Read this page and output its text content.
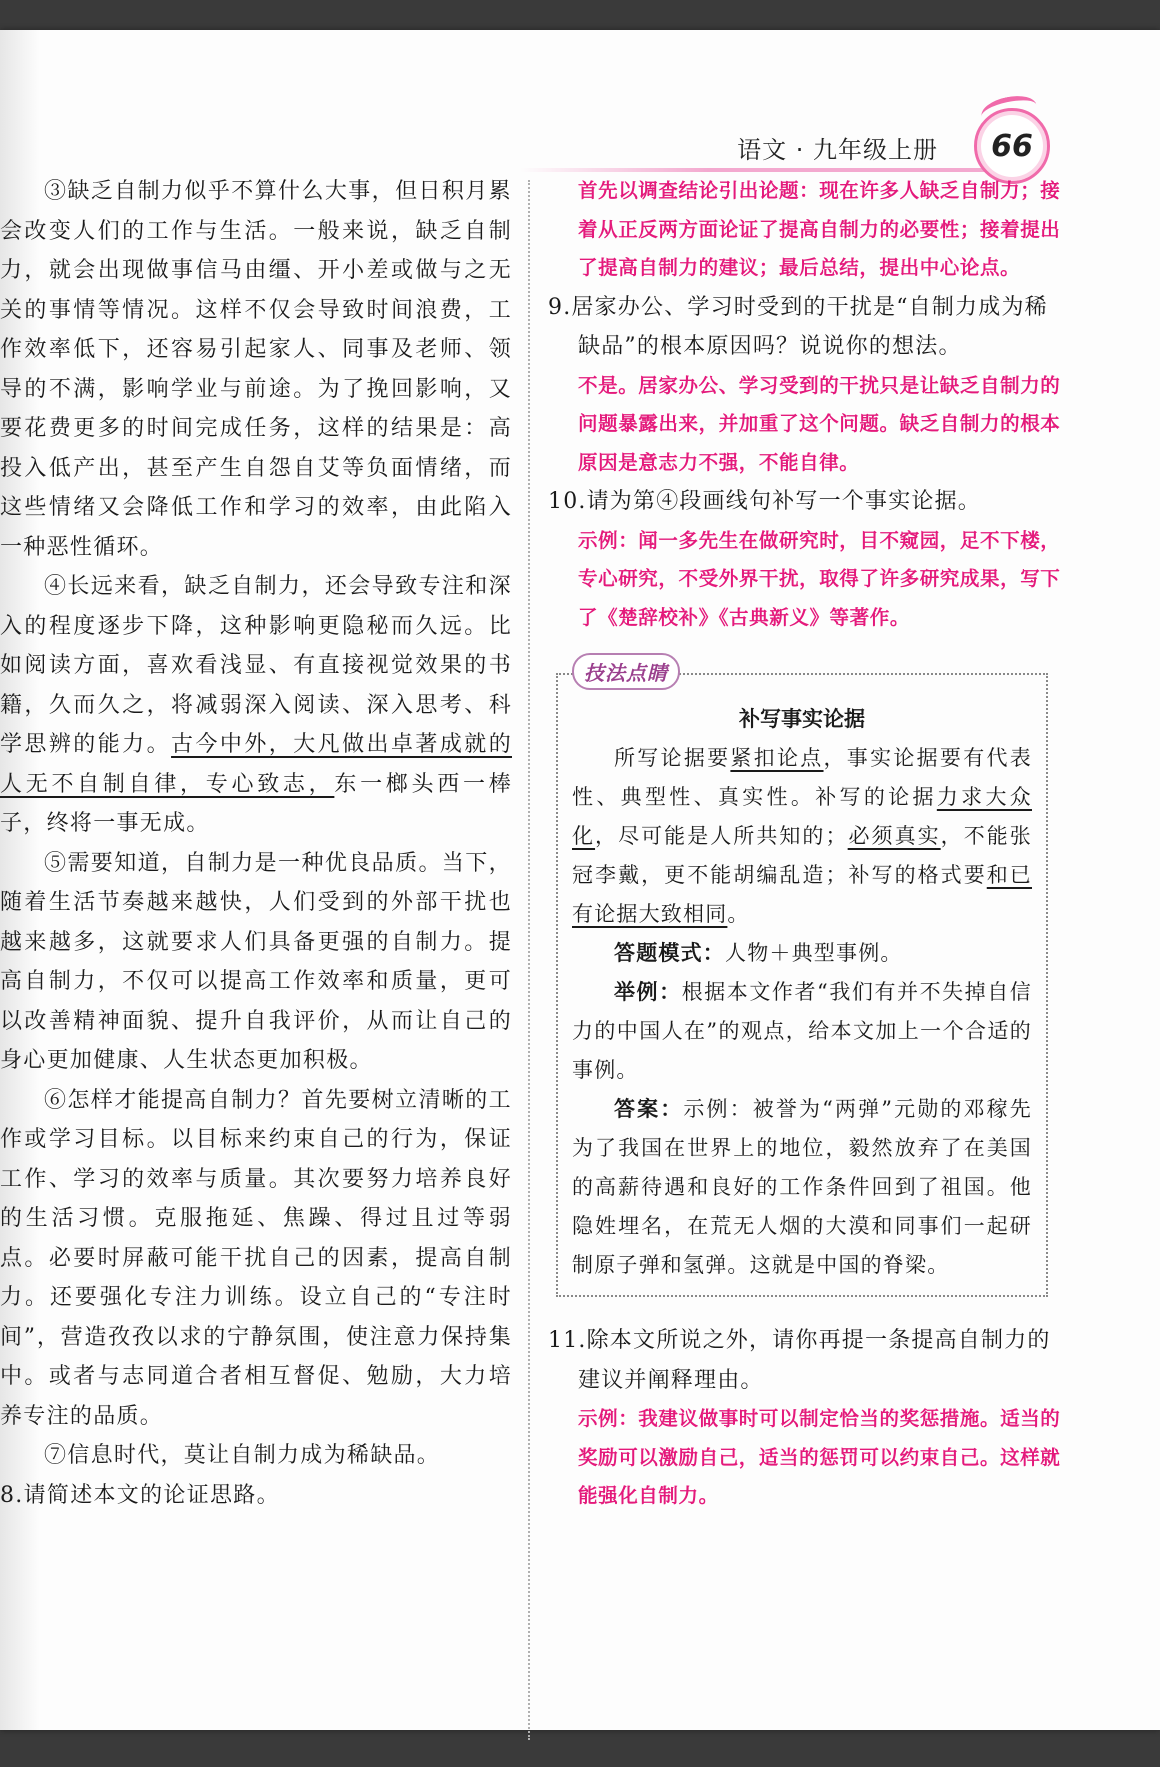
语文 · 九年级上册 66

③缺乏自制力似乎不算什么大事，但日积月累会改变人们的工作与生活。一般来说，缺乏自制力，就会出现做事信马由缰、开小差或做与之无关的事情等情况。这样不仅会导致时间浪费，工作效率低下，还容易引起家人、同事及老师、领导的不满，影响学业与前途。为了挽回影响，又要花费更多的时间完成任务，这样的结果是：高投入低产出，甚至产生自怨自艾等负面情绪，而这些情绪又会降低工作和学习的效率，由此陷入一种恶性循环。

④长远来看，缺乏自制力，还会导致专注和深入的程度逐步下降，这种影响更隐秘而久远。比如阅读方面，喜欢看浅显、有直接视觉效果的书籍，久而久之，将减弱深入阅读、深入思考、科学思辨的能力。古今中外，大凡做出卓著成就的人无不自制自律，专心致志，东一榔头西一棒子，终将一事无成。

⑤需要知道，自制力是一种优良品质。当下，随着生活节奏越来越快，人们受到的外部干扰也越来越多，这就要求人们具备更强的自制力。提高自制力，不仅可以提高工作效率和质量，更可以改善精神面貌、提升自我评价，从而让自己的身心更加健康、人生状态更加积极。

⑥怎样才能提高自制力？首先要树立清晰的工作或学习目标。以目标来约束自己的行为，保证工作、学习的效率与质量。其次要努力培养良好的生活习惯。克服拖延、焦躁、得过且过等弱点。必要时屏蔽可能干扰自己的因素，提高自制力。还要强化专注力训练。设立自己的“专注时间”，营造孜孜以求的宁静氛围，使注意力保持集中。或者与志同道合者相互督促、勉励，大力培养专注的品质。

⑦信息时代，莫让自制力成为稀缺品。

8.请简述本文的论证思路。

首先以调查结论引出论题：现在许多人缺乏自制力；接着从正反两方面论证了提高自制力的必要性；接着提出了提高自制力的建议；最后总结，提出中心论点。

9.居家办公、学习时受到的干扰是“自制力成为稀缺品”的根本原因吗？说说你的想法。

不是。居家办公、学习受到的干扰只是让缺乏自制力的问题暴露出来，并加重了这个问题。缺乏自制力的根本原因是意志力不强，不能自律。

10.请为第④段画线句补写一个事实论据。

示例：闻一多先生在做研究时，目不窥园，足不下楼，专心研究，不受外界干扰，取得了许多研究成果，写下了《楚辞校补》《古典新义》等著作。

技法点睛
补写事实论据

所写论据要紧扣论点，事实论据要有代表性、典型性、真实性。补写的论据力求大众化，尽可能是人所共知的；必须真实，不能张冠李戴，更不能胡编乱造；补写的格式要和已有论据大致相同。

答题模式：人物＋典型事例。

举例：根据本文作者“我们有并不失掉自信力的中国人在”的观点，给本文加上一个合适的事例。

答案：示例：被誉为“两弹”元勋的邓稼先为了我国在世界上的地位，毅然放弃了在美国的高薪待遇和良好的工作条件回到了祖国。他隐姓埋名，在荒无人烟的大漠和同事们一起研制原子弹和氢弹。这就是中国的脊梁。

11.除本文所说之外，请你再提一条提高自制力的建议并阐释理由。

示例：我建议做事时可以制定恰当的奖惩措施。适当的奖励可以激励自己，适当的惩罚可以约束自己。这样就能强化自制力。
